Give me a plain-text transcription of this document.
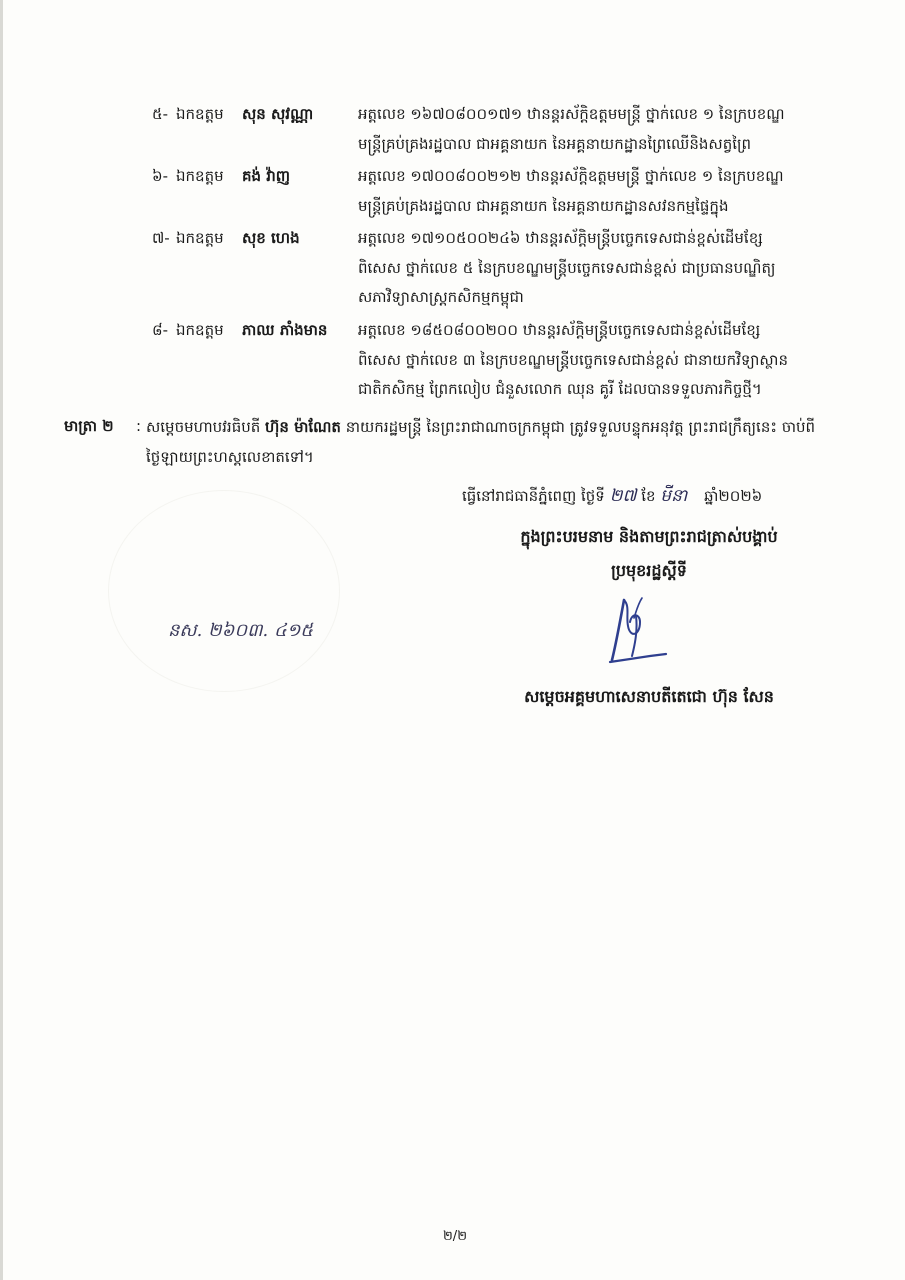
៥- ឯកឧត្តម សុន សុវណ្ណា	អត្តលេខ ១៦៧០៨០០១៧១ ឋានន្តរស័ក្តិឧត្តមមន្ត្រី ថ្នាក់លេខ ១ នៃក្របខណ្ឌ
មន្ត្រីគ្រប់គ្រងរដ្ឋបាល ជាអគ្គនាយក នៃអគ្គនាយកដ្ឋានព្រៃឈើនិងសត្វព្រៃ
៦- ឯកឧត្តម គង់ វ៉ាញ	អត្តលេខ ១៧០០៨០០២១២ ឋានន្តរស័ក្តិឧត្តមមន្ត្រី ថ្នាក់លេខ ១ នៃក្របខណ្ឌ
មន្ត្រីគ្រប់គ្រងរដ្ឋបាល ជាអគ្គនាយក នៃអគ្គនាយកដ្ឋានសវនកម្មផ្ទៃក្នុង
៧- ឯកឧត្តម សុខ ហេង	អត្តលេខ ១៧១០៥០០២៤៦ ឋានន្តរស័ក្តិមន្ត្រីបច្ចេកទេសជាន់ខ្ពស់ដើមខ្សែ
ពិសេស ថ្នាក់លេខ ៥ នៃក្របខណ្ឌមន្ត្រីបច្ចេកទេសជាន់ខ្ពស់ ជាប្រធានបណ្ឌិត្យ
សភាវិទ្យាសាស្ត្រកសិកម្មកម្ពុជា
៨- ឯកឧត្តម ភាឈ ភាំងមាន អត្តលេខ ១៨៥០៨០០២០០ ឋានន្តរស័ក្តិមន្ត្រីបច្ចេកទេសជាន់ខ្ពស់ដើមខ្សែ
ពិសេស ថ្នាក់លេខ ៣ នៃក្របខណ្ឌមន្ត្រីបច្ចេកទេសជាន់ខ្ពស់ ជានាយកវិទ្យាស្ថាន
ជាតិកសិកម្ម ព្រែកលៀប ជំនួសលោក ឈុន គូរី ដែលបានទទួលភារកិច្ចថ្មី។
មាត្រា ២ : សម្តេចមហាបវរធិបតី ហ៊ុន ម៉ាណែត នាយករដ្ឋមន្ត្រី នៃព្រះរាជាណាចក្រកម្ពុជា ត្រូវទទួលបន្ទុកអនុវត្ត ព្រះរាជក្រឹត្យនេះ ចាប់ពីថ្ងៃឡាយព្រះហស្តលេខាតទៅ។
ធ្វើនៅរាជធានីភ្នំពេញ ថ្ងៃទី ២៧ ខែ មីនា ឆ្នាំ២០២៦
ក្នុងព្រះបរមនាម និងតាមព្រះរាជត្រាស់បង្គាប់
ប្រមុខរដ្ឋស្តីទី
នស. ២៦០៣. ៤១៥
សម្តេចអគ្គមហាសេនាបតីតេជោ ហ៊ុន សែន
២/២
